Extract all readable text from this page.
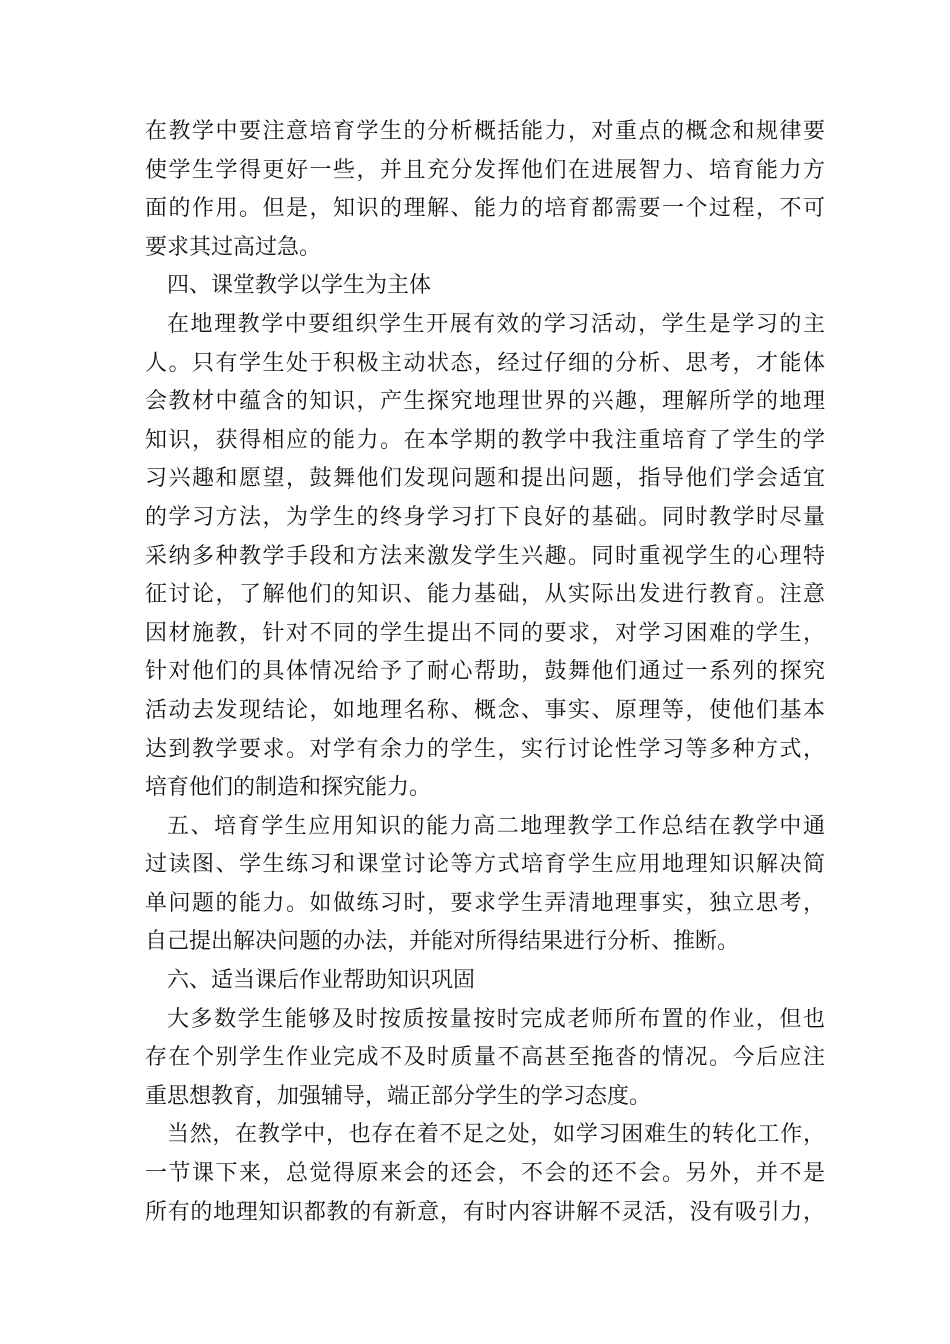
在教学中要注意培育学生的分析概括能力，对重点的概念和规律要
使学生学得更好一些，并且充分发挥他们在进展智力、培育能力方
面的作用。但是，知识的理解、能力的培育都需要一个过程，不可
要求其过高过急。
四、课堂教学以学生为主体
在地理教学中要组织学生开展有效的学习活动，学生是学习的主
人。只有学生处于积极主动状态，经过仔细的分析、思考，才能体
会教材中蕴含的知识，产生探究地理世界的兴趣，理解所学的地理
知识，获得相应的能力。在本学期的教学中我注重培育了学生的学
习兴趣和愿望，鼓舞他们发现问题和提出问题，指导他们学会适宜
的学习方法，为学生的终身学习打下良好的基础。同时教学时尽量
采纳多种教学手段和方法来激发学生兴趣。同时重视学生的心理特
征讨论，了解他们的知识、能力基础，从实际出发进行教育。注意
因材施教，针对不同的学生提出不同的要求，对学习困难的学生，
针对他们的具体情况给予了耐心帮助，鼓舞他们通过一系列的探究
活动去发现结论，如地理名称、概念、事实、原理等，使他们基本
达到教学要求。对学有余力的学生，实行讨论性学习等多种方式，
培育他们的制造和探究能力。
五、培育学生应用知识的能力高二地理教学工作总结在教学中通
过读图、学生练习和课堂讨论等方式培育学生应用地理知识解决简
单问题的能力。如做练习时，要求学生弄清地理事实，独立思考，
自己提出解决问题的办法，并能对所得结果进行分析、推断。
六、适当课后作业帮助知识巩固
大多数学生能够及时按质按量按时完成老师所布置的作业，但也
存在个别学生作业完成不及时质量不高甚至拖沓的情况。今后应注
重思想教育，加强辅导，端正部分学生的学习态度。
当然，在教学中，也存在着不足之处，如学习困难生的转化工作，
一节课下来，总觉得原来会的还会，不会的还不会。另外，并不是
所有的地理知识都教的有新意，有时内容讲解不灵活，没有吸引力，
